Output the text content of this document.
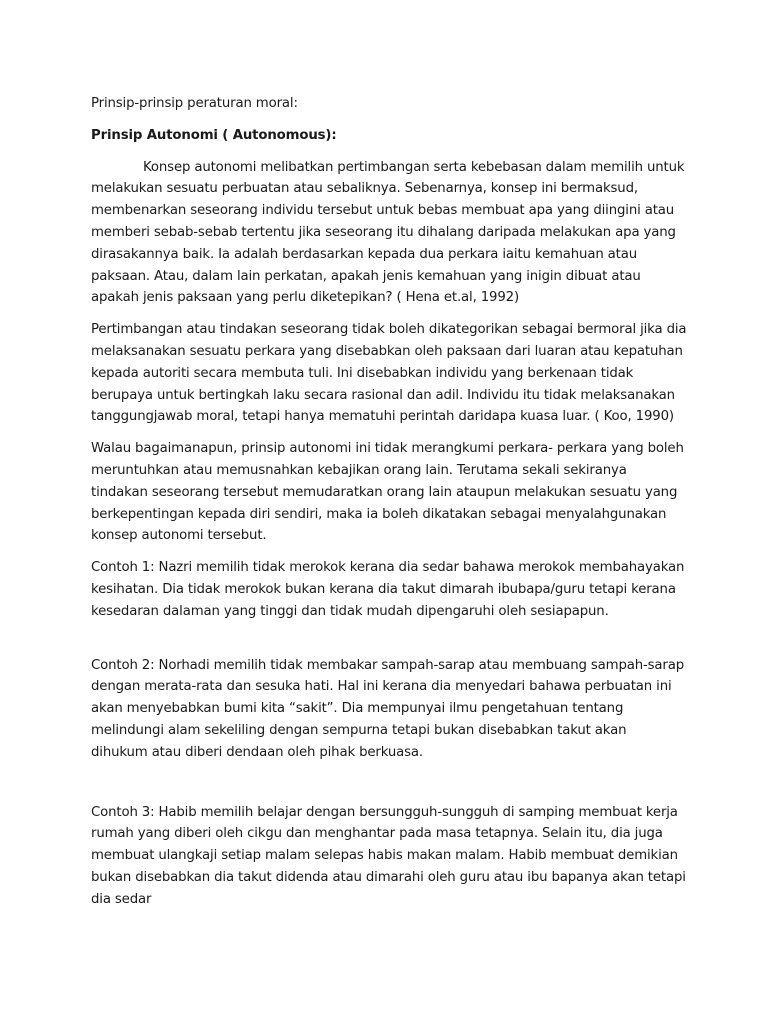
Prinsip-prinsip peraturan moral:

Prinsip Autonomi ( Autonomous):

Konsep autonomi melibatkan pertimbangan serta kebebasan dalam memilih untuk melakukan sesuatu perbuatan atau sebaliknya. Sebenarnya, konsep ini bermaksud, membenarkan seseorang individu tersebut untuk bebas membuat apa yang diingini atau memberi sebab-sebab tertentu jika seseorang itu dihalang daripada melakukan apa yang dirasakannya baik. Ia adalah berdasarkan kepada dua perkara iaitu kemahuan atau paksaan. Atau, dalam lain perkatan, apakah jenis kemahuan yang inigin dibuat atau apakah jenis paksaan yang perlu diketepikan? ( Hena et.al, 1992)

Pertimbangan atau tindakan seseorang tidak boleh dikategorikan sebagai bermoral jika dia melaksanakan sesuatu perkara yang disebabkan oleh paksaan dari luaran atau kepatuhan kepada autoriti secara membuta tuli. Ini disebabkan individu yang berkenaan tidak berupaya untuk bertingkah laku secara rasional dan adil. Individu itu tidak melaksanakan tanggungjawab moral, tetapi hanya mematuhi perintah daridapa kuasa luar. ( Koo, 1990)

Walau bagaimanapun, prinsip autonomi ini tidak merangkumi perkara- perkara yang boleh meruntuhkan atau memusnahkan kebajikan orang lain. Terutama sekali sekiranya tindakan seseorang tersebut memudaratkan orang lain ataupun melakukan sesuatu yang berkepentingan kepada diri sendiri, maka ia boleh dikatakan sebagai menyalahgunakan konsep autonomi tersebut.

Contoh 1: Nazri memilih tidak merokok kerana dia sedar bahawa merokok membahayakan kesihatan. Dia tidak merokok bukan kerana dia takut dimarah ibubapa/guru tetapi kerana kesedaran dalaman yang tinggi dan tidak mudah dipengaruhi oleh sesiapapun.

Contoh 2: Norhadi memilih tidak membakar sampah-sarap atau membuang sampah-sarap dengan merata-rata dan sesuka hati. Hal ini kerana dia menyedari bahawa perbuatan ini akan menyebabkan bumi kita “sakit”. Dia mempunyai ilmu pengetahuan tentang melindungi alam sekeliling dengan sempurna tetapi bukan disebabkan takut akan dihukum atau diberi dendaan oleh pihak berkuasa.

Contoh 3: Habib memilih belajar dengan bersungguh-sungguh di samping membuat kerja rumah yang diberi oleh cikgu dan menghantar pada masa tetapnya. Selain itu, dia juga membuat ulangkaji setiap malam selepas habis makan malam. Habib membuat demikian bukan disebabkan dia takut didenda atau dimarahi oleh guru atau ibu bapanya akan tetapi dia sedar
